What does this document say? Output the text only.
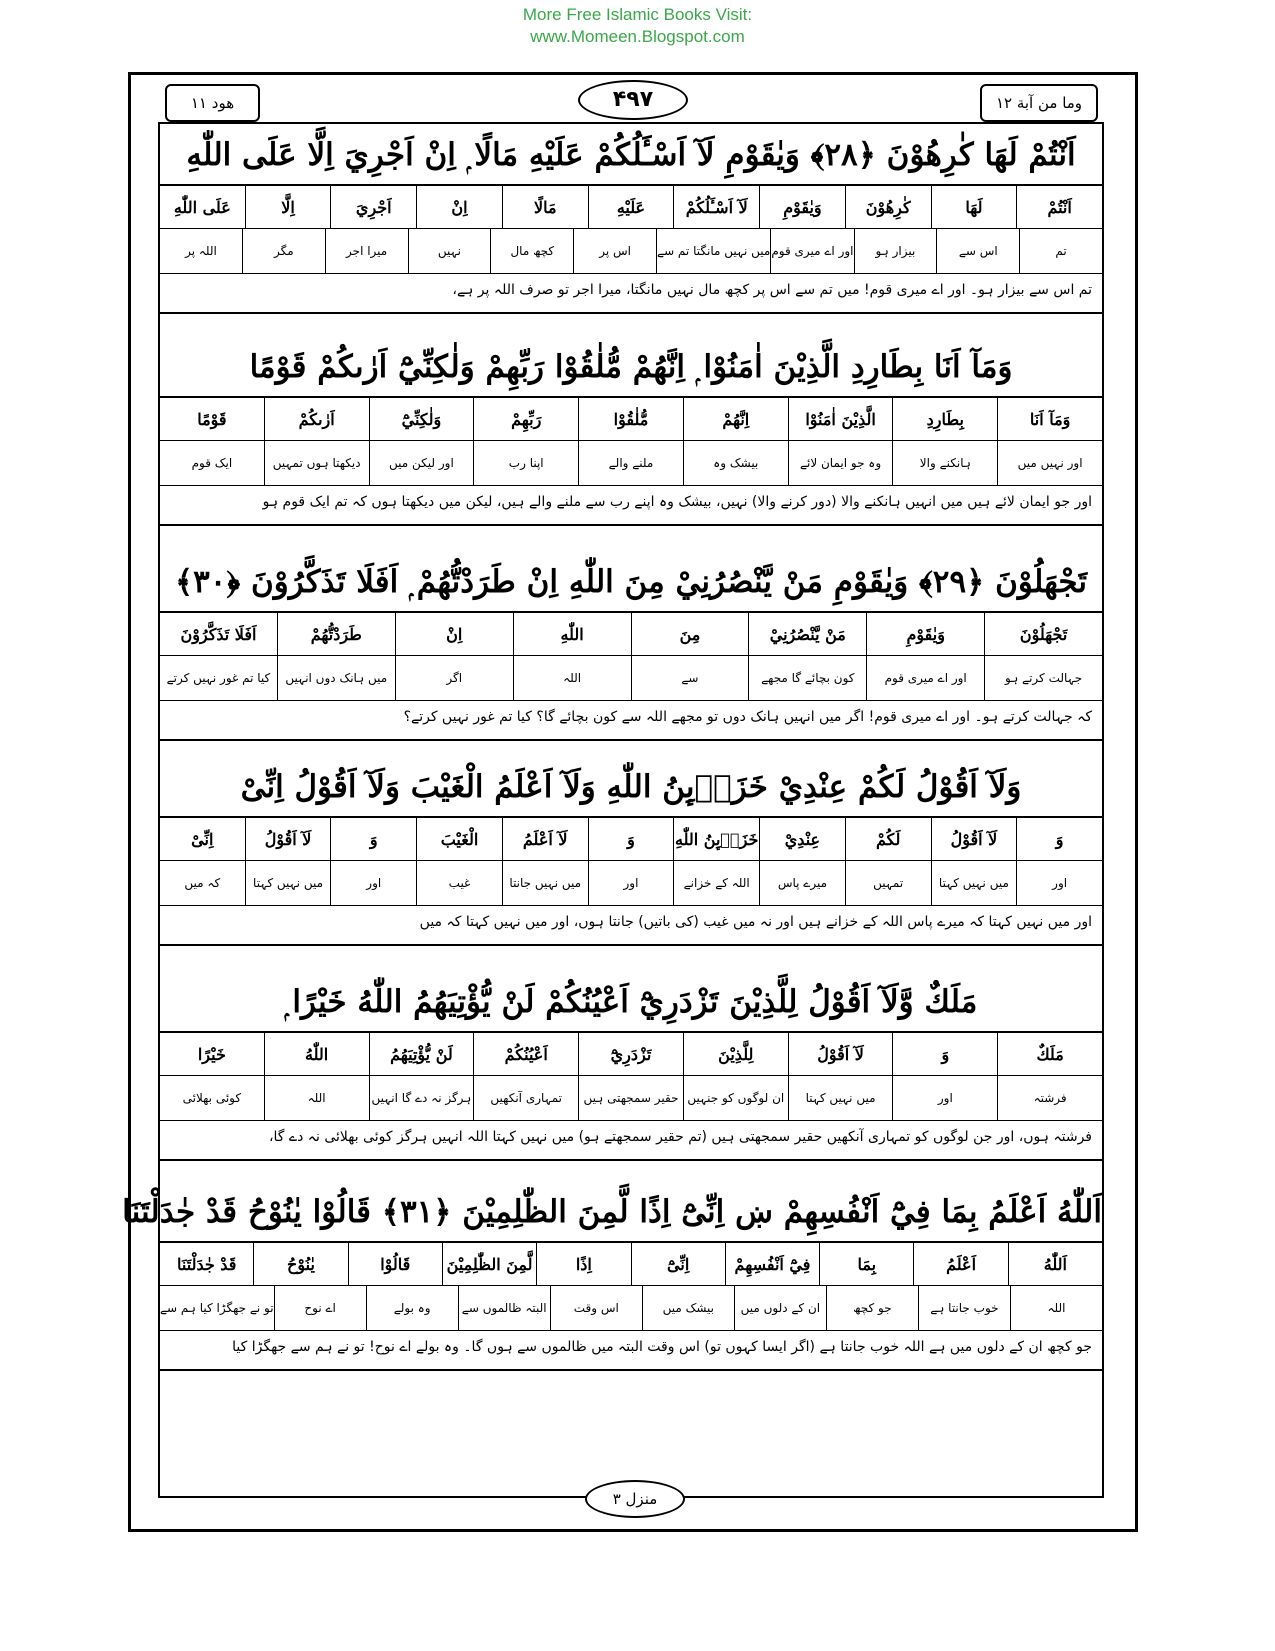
More Free Islamic Books Visit:
www.Momeen.Blogspot.com
وما من آبة ۱۲
هود ۱۱	۴۹۷
اَنْتُمْ لَهَا كٰرِهُوْنَ ﴿۲۸﴾ وَيٰقَوْمِ لَآ اَسْـَٔلُكُمْ عَلَيْهِ مَالًا ۭ اِنْ اَجْرِيَ اِلَّا عَلَى اللّٰهِ
اَنْتُمْ
لَهَا
كٰرِهُوْنَ
وَيٰقَوْمِ
لَآ اَسْـَٔلُكُمْ
عَلَيْهِ
مَالًا
اِنْ
اَجْرِيَ
اِلَّا
عَلَى اللّٰهِ
تم
اس سے
بیزار ہو
اور اے میری قوم
میں نہیں مانگتا تم سے
اس پر
کچھ مال
نہیں
میرا اجر
مگر
اللہ پر
تم اس سے بیزار ہو۔ اور اے میری قوم! میں تم سے اس پر کچھ مال نہیں مانگتا، میرا اجر تو صرف اللہ پر ہے،
وَمَآ اَنَا بِطَارِدِ الَّذِيْنَ اٰمَنُوْا ۭ اِنَّهُمْ مُّلٰقُوْا رَبِّهِمْ وَلٰكِنِّيْٓ اَرٰىكُمْ قَوْمًا
وَمَآ اَنَا
بِطَارِدِ
الَّذِيْنَ اٰمَنُوْا
اِنَّهُمْ
مُّلٰقُوْا
رَبِّهِمْ
وَلٰكِنِّيْٓ
اَرٰىكُمْ
قَوْمًا
اور نہیں میں
ہانکنے والا
وہ جو ایمان لائے
بیشک وہ
ملنے والے
اپنا رب
اور لیکن میں
دیکھتا ہوں تمہیں
ایک قوم
اور جو ایمان لائے ہیں میں انہیں ہانکنے والا (دور کرنے والا) نہیں، بیشک وہ اپنے رب سے ملنے والے ہیں، لیکن میں دیکھتا ہوں کہ تم ایک قوم ہو
تَجْهَلُوْنَ ﴿۲۹﴾ وَيٰقَوْمِ مَنْ يَّنْصُرُنِيْ مِنَ اللّٰهِ اِنْ طَرَدْتُّهُمْ ۭ اَفَلَا تَذَكَّرُوْنَ ﴿۳۰﴾
تَجْهَلُوْنَ
وَيٰقَوْمِ
مَنْ يَّنْصُرُنِيْ
مِنَ
اللّٰهِ
اِنْ
طَرَدْتُّهُمْ
اَفَلَا تَذَكَّرُوْنَ
جہالت کرتے ہو
اور اے میری قوم
کون بچائے گا مجھے
سے
اللہ
اگر
میں ہانک دوں انہیں
کیا تم غور نہیں کرتے
کہ جہالت کرتے ہو۔ اور اے میری قوم! اگر میں انہیں ہانک دوں تو مجھے اللہ سے کون بچائے گا؟ کیا تم غور نہیں کرتے؟
وَلَآ اَقُوْلُ لَكُمْ عِنْدِيْ خَزَاۗىِٕنُ اللّٰهِ وَلَآ اَعْلَمُ الْغَيْبَ وَلَآ اَقُوْلُ اِنِّىْ
وَ
لَآ اَقُوْلُ
لَكُمْ
عِنْدِيْ
خَزَاۗىِٕنُ اللّٰهِ
وَ
لَآ اَعْلَمُ
الْغَيْبَ
وَ
لَآ اَقُوْلُ
اِنِّىْ
اور
میں نہیں کہتا
تمہیں
میرے پاس
اللہ کے خزانے
اور
میں نہیں جانتا
غیب
اور
میں نہیں کہتا
کہ میں
اور میں نہیں کہتا کہ میرے پاس اللہ کے خزانے ہیں اور نہ میں غیب (کی باتیں) جانتا ہوں، اور میں نہیں کہتا کہ میں
مَلَكٌ وَّلَآ اَقُوْلُ لِلَّذِيْنَ تَزْدَرِيْٓ اَعْيُنُكُمْ لَنْ يُّؤْتِيَهُمُ اللّٰهُ خَيْرًا ۭ
مَلَكٌ
وَ
لَآ اَقُوْلُ
لِلَّذِيْنَ
تَزْدَرِيْٓ
اَعْيُنُكُمْ
لَنْ يُّؤْتِيَهُمُ
اللّٰهُ
خَيْرًا
فرشتہ
اور
میں نہیں کہتا
ان لوگوں کو جنہیں
حقیر سمجھتی ہیں
تمہاری آنکھیں
ہرگز نہ دے گا انہیں
اللہ
کوئی بھلائی
فرشتہ ہوں، اور جن لوگوں کو تمہاری آنکھیں حقیر سمجھتی ہیں (تم حقیر سمجھتے ہو) میں نہیں کہتا اللہ انہیں ہرگز کوئی بھلائی نہ دے گا،
اَللّٰهُ اَعْلَمُ بِمَا فِيْٓ اَنْفُسِهِمْ ښ اِنِّىْٓ اِذًا لَّمِنَ الظّٰلِمِيْنَ ﴿۳۱﴾ قَالُوْا يٰنُوْحُ قَدْ جٰدَلْتَنَا
اَللّٰهُ
اَعْلَمُ
بِمَا
فِيْٓ اَنْفُسِهِمْ
اِنِّىْٓ
اِذًا
لَّمِنَ الظّٰلِمِيْنَ
قَالُوْا
يٰنُوْحُ
قَدْ جٰدَلْتَنَا
اللہ
خوب جانتا ہے
جو کچھ
ان کے دلوں میں
بیشک میں
اس وقت
البتہ ظالموں سے
وہ بولے
اے نوح
تو نے جھگڑا کیا ہم سے
جو کچھ ان کے دلوں میں ہے اللہ خوب جانتا ہے (اگر ایسا کہوں تو) اس وقت البتہ میں ظالموں سے ہوں گا۔ وہ بولے اے نوح! تو نے ہم سے جھگڑا کیا
منزل ۳
